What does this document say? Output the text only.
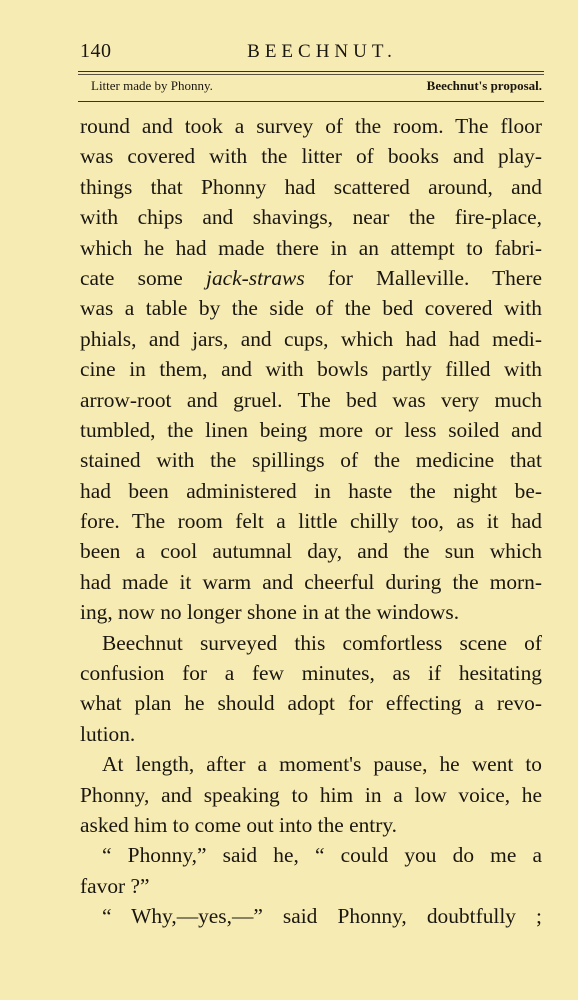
140	BEECHNUT.
Litter made by Phonny.	Beechnut's proposal.
round and took a survey of the room. The floor
was covered with the litter of books and play-
things that Phonny had scattered around, and
with chips and shavings, near the fire-place,
which he had made there in an attempt to fabri-
cate some jack-straws for Malleville. There
was a table by the side of the bed covered with
phials, and jars, and cups, which had had medi-
cine in them, and with bowls partly filled with
arrow-root and gruel. The bed was very much
tumbled, the linen being more or less soiled and
stained with the spillings of the medicine that
had been administered in haste the night be-
fore. The room felt a little chilly too, as it had
been a cool autumnal day, and the sun which
had made it warm and cheerful during the morn-
ing, now no longer shone in at the windows.
Beechnut surveyed this comfortless scene of
confusion for a few minutes, as if hesitating
what plan he should adopt for effecting a revo-
lution.
At length, after a moment's pause, he went to
Phonny, and speaking to him in a low voice, he
asked him to come out into the entry.
“ Phonny,” said he, “ could you do me a
favor ?”
“ Why,—yes,—” said Phonny, doubtfully ;
